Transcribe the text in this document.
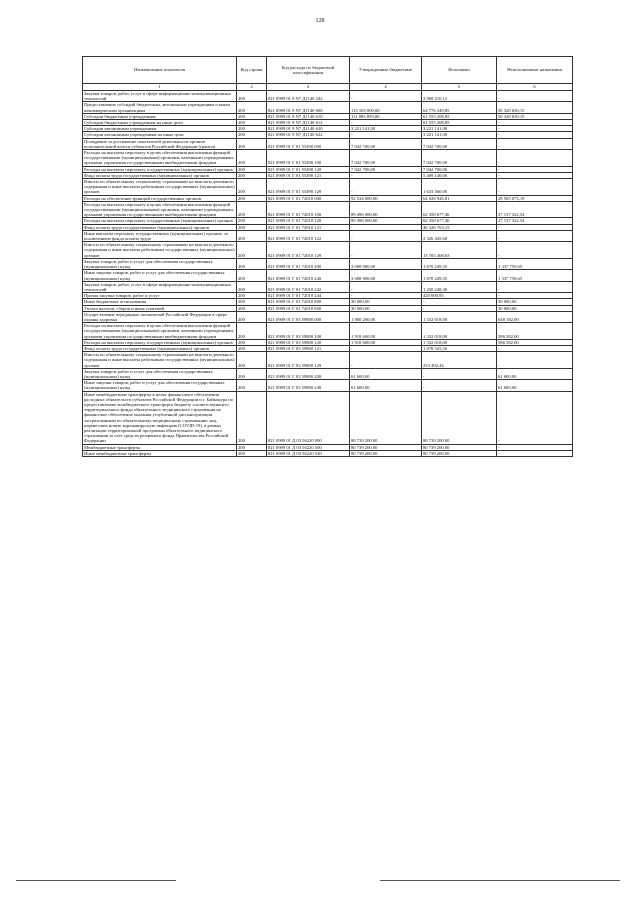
128
Наименование показателя	Код строки	Код расхода по бюджетной классификации	Утвержденные бюджетные	Исполнено	Неисполненные назначения
1	2	3	4	5	6
Закупка товаров, работ, услуг в сфере информационно-коммуникационных технологий	200	821 0909 01 9 N7 Д1140 242	-	3 968 210,12	-
Предоставление субсидий бюджетным, автономным учреждениям и иным некоммерческим организациям	200	821 0909 01 9 N7 Д1140 600	115 105 000,00	64 776 349,85	50 328 650,15
Субсидии бюджетным учреждениям	200	821 0909 01 9 N7 Д1140 610	111 883 859,00	61 555 208,85	50 328 650,15
Субсидии бюджетным учреждениям на иные цели	200	821 0909 01 9 N7 Д1140 612	-	61 555 208,85	-
Субсидии автономным учреждениям	200	821 0909 01 9 N7 Д1140 620	3 221 141,00	3 221 141,00	-
Субсидии автономным учреждениям на иные цели	200	821 0909 01 9 N7 Д1140 622	-	3 221 141,00	-
Поощрение за достижение показателей деятельности органов исполнительной власти субъектов Российской Федерации (гранты)	200	821 0909 01 Г 01 55490 000	7 042 700,00	7 042 700,00	-
Расходы на выплаты персоналу в целях обеспечения выполнения функций государственными (муниципальными) органами, казенными учреждениями, органами управления государственными внебюджетными фондами	200	821 0909 01 Г 01 55490 100	7 042 700,00	7 042 700,00	-
Расходы на выплаты персоналу государственных (муниципальных) органов	200	821 0909 01 Г 01 55490 120	7 042 700,00	7 042 700,00	-
Фонд оплаты труда государственных (муниципальных) органов	200	821 0909 01 Г 01 55490 121	-	5 409 140,00	-
Взносы по обязательному социальному страхованию на выплаты денежного содержания и иные выплаты работникам государственных (муниципальных) органов	200	821 0909 01 Г 01 55490 129	-	1 633 560,00	-
Расходы на обеспечение функций государственных органов	200	821 0909 01 Г 01 72010 000	92 534 000,00	64 028 926,81	28 505 073,19
Расходы на выплаты персоналу в целях обеспечения выполнения функций государственными (муниципальными) органами, казенными учреждениями, органами управления государственными внебюджетными фондами	200	821 0909 01 Г 01 72010 100	89 496 000,00	62 358 677,46	27 137 322,54
Расходы на выплаты персоналу государственных (муниципальных) органов	200	821 0909 01 Г 01 72010 120	89 496 000,00	62 358 677,46	27 137 322,54
Фонд оплаты труда государственных (муниципальных) органов	200	821 0909 01 Г 01 72010 121	-	46 326 763,15	-
Иные выплаты персоналу государственных (муниципальных) органов, за исключением фонда оплаты труда	200	821 0909 01 Г 01 72010 122	-	2 326 445,68	-
Взносы по обязательному социальному страхованию на выплаты денежного содержания и иные выплаты работникам государственных (муниципальных) органов	200	821 0909 01 Г 01 72010 129	-	13 705 468,63	-
Закупка товаров, работ и услуг для обеспечения государственных (муниципальных) нужд	200	821 0909 01 Г 01 72010 200	3 008 000,00	1 670 249,35	1 337 750,65
Иные закупки товаров, работ и услуг для обеспечения государственных (муниципальных) нужд	200	821 0909 01 Г 01 72010 240	3 008 000,00	1 670 249,35	1 337 750,65
Закупка товаров, работ, услуг в сфере информационно-коммуникационных технологий	200	821 0909 01 Г 01 72010 242	-	1 250 248,40	-
Прочая закупка товаров, работ и услуг	200	821 0909 01 Г 01 72010 244	-	420 000,95	-
Иные бюджетные ассигнования	200	821 0909 01 Г 01 72010 800	30 000,00	-	30 000,00
Уплата налогов, сборов и иных платежей	200	821 0909 01 Г 01 72010 850	30 000,00	-	30 000,00
Осуществление переданных полномочий Российской Федерации в сфере охраны здоровья	200	821 0909 01 Г 03 59800 000	1 980 200,00	1 332 018,00	648 182,00
Расходы на выплаты персоналу в целях обеспечения выполнения функций государственными (муниципальными) органами, казенными учреждениями, органами управления государственными внебюджетными фондами	200	821 0909 01 Г 03 59800 100	1 918 600,00	1 332 018,00	586 582,00
Расходы на выплаты персоналу государственных (муниципальных) органов	200	821 0909 01 Г 03 59800 120	1 918 600,00	1 332 018,00	586 582,00
Фонд оплаты труда государственных (муниципальных) органов	200	821 0909 01 Г 03 59800 121	-	1 078 525,56	-
Взносы по обязательному социальному страхованию на выплаты денежного содержания и иные выплаты работникам государственных (муниципальных) органов	200	821 0909 01 Г 03 59800 129	-	253 492,44	-
Закупка товаров, работ и услуг для обеспечения государственных (муниципальных) нужд	200	821 0909 01 Г 03 59800 200	61 600,00	-	61 600,00
Иные закупки товаров, работ и услуг для обеспечения государственных (муниципальных) нужд	200	821 0909 01 Г 03 59800 240	61 600,00	-	61 600,00
Иные межбюджетные трансферты в целях финансового обеспечения расходных обязательств субъектов Российской Федерации и г. Байконура по предоставлению межбюджетного трансферта бюджету соответствующего территориального фонда обязательного медицинского страхования на финансовое обеспечение оказания углубленной диспансеризации застрахованным по обязательному медицинскому страхованию лиц, перенесших новую коронавирусную инфекцию (COVID-19), в рамках реализации территориальной программы обязательного медицинского страхования за счет средств резервного фонда Правительства Российской Федерации	200	821 0909 01 Д 03 56220 000	80 739 200,00	80 739 200,00	-
Межбюджетные трансферты	200	821 0909 01 Д 03 56220 500	80 739 200,00	80 739 200,00	-
Иные межбюджетные трансферты	200	821 0909 01 Д 03 56220 540	80 739 200,00	80 739 200,00	-
